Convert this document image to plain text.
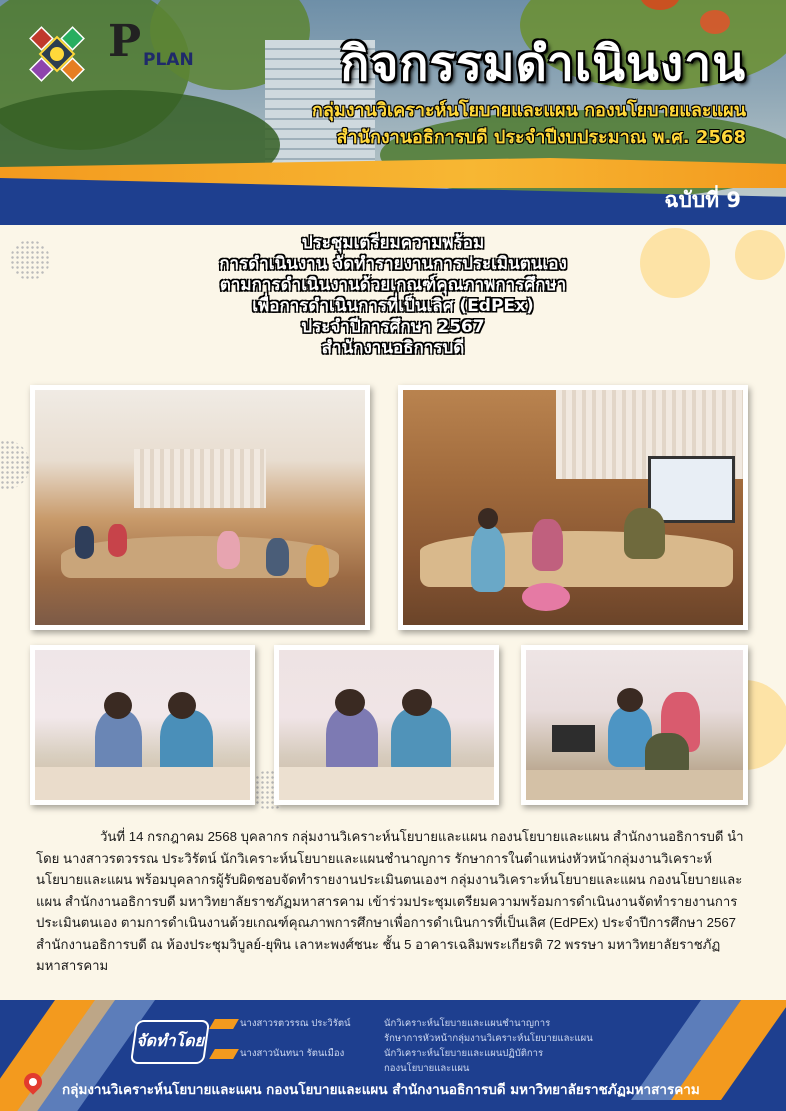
P PLAN	กิจกรรมดำเนินงาน
กลุ่มงานวิเคราะห์นโยบายและแผน กองนโยบายและแผน
สำนักงานอธิการบดี ประจำปีงบประมาณ พ.ศ. 2568
ฉบับที่ 9
ประชุมเตรียมความพร้อม
การดำเนินงาน จัดทำรายงานการประเมินตนเอง
ตามการดำเนินงานด้วยเกณฑ์คุณภาพการศึกษา
เพื่อการดำเนินการที่เป็นเลิศ (EdPEx)
ประจำปีการศึกษา 2567
สำนักงานอธิการบดี
วันที่ 14 กรกฎาคม 2568 บุคลากร กลุ่มงานวิเคราะห์นโยบายและแผน กองนโยบายและแผน สำนักงานอธิการบดี นำโดย นางสาวรตวรรณ ประวิรัตน์ นักวิเคราะห์นโยบายและแผนชำนาญการ รักษาการในตำแหน่งหัวหน้ากลุ่มงานวิเคราะห์นโยบายและแผน พร้อมบุคลากรผู้รับผิดชอบจัดทำรายงานประเมินตนเองฯ กลุ่มงานวิเคราะห์นโยบายและแผน กองนโยบายและแผน สำนักงานอธิการบดี มหาวิทยาลัยราชภัฏมหาสารคาม เข้าร่วมประชุมเตรียมความพร้อมการดำเนินงานจัดทำรายงานการประเมินตนเอง ตามการดำเนินงานด้วยเกณฑ์คุณภาพการศึกษาเพื่อการดำเนินการที่เป็นเลิศ (EdPEx) ประจำปีการศึกษา 2567 สำนักงานอธิการบดี ณ ห้องประชุมวิบูลย์-ยุพิน เลาหะพงศ์ชนะ ชั้น 5 อาคารเฉลิมพระเกียรติ 72 พรรษา มหาวิทยาลัยราชภัฏมหาสารคาม
จัดทำโดย
นางสาวรตวรรณ ประวิรัตน์	นักวิเคราะห์นโยบายและแผนชำนาญการ
รักษาการหัวหน้ากลุ่มงานวิเคราะห์นโยบายและแผน
นางสาวนันทนา รัตนเมือง	นักวิเคราะห์นโยบายและแผนปฏิบัติการ
กองนโยบายและแผน
กลุ่มงานวิเคราะห์นโยบายและแผน กองนโยบายและแผน สำนักงานอธิการบดี มหาวิทยาลัยราชภัฏมหาสารคาม
